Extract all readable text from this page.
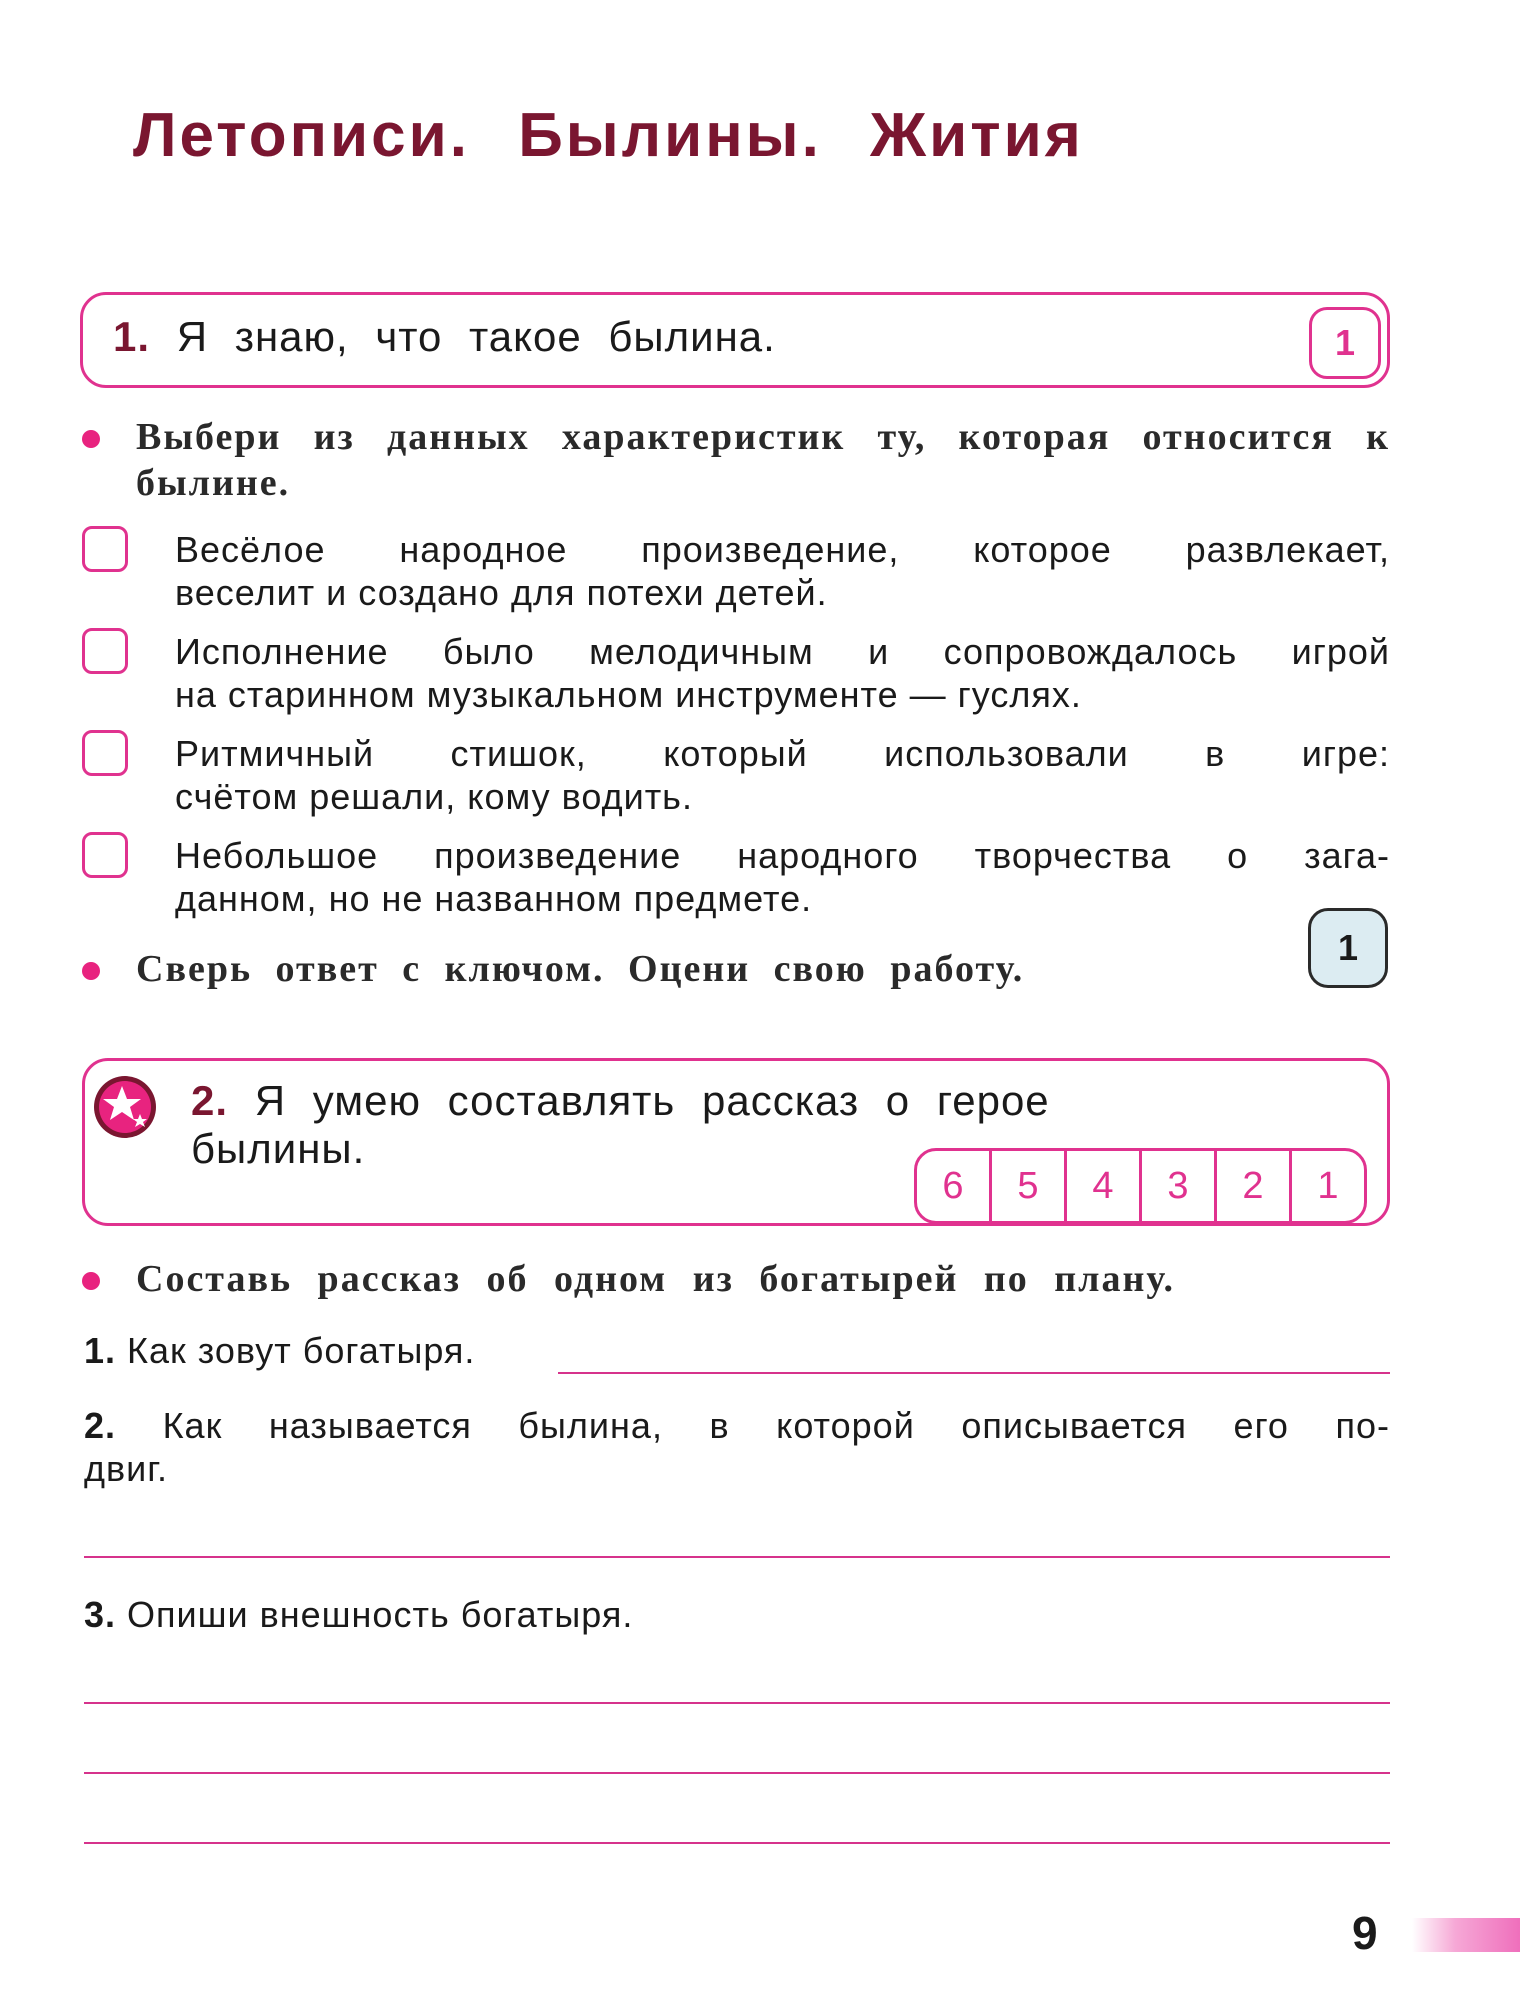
Летописи. Былины. Жития
1. Я знаю, что такое былина.	1
Выбери из данных характеристик ту, которая относится к былине.
Весёлое народное произведение, которое развлекает,
веселит и создано для потехи детей.
Исполнение было мелодичным и сопровождалось игрой
на старинном музыкальном инструменте — гуслях.
Ритмичный стишок, который использовали в игре:
счётом решали, кому водить.
Небольшое произведение народного творчества о зага-
данном, но не названном предмете.
Сверь ответ с ключом. Оцени свою работу.
1
2. Я умею составлять рассказ о герое
былины.
6	5	4	3	2	1
Составь рассказ об одном из богатырей по плану.
1. Как зовут богатыря.
2. Как называется былина, в которой описывается его по-
двиг.
3. Опиши внешность богатыря.
9
